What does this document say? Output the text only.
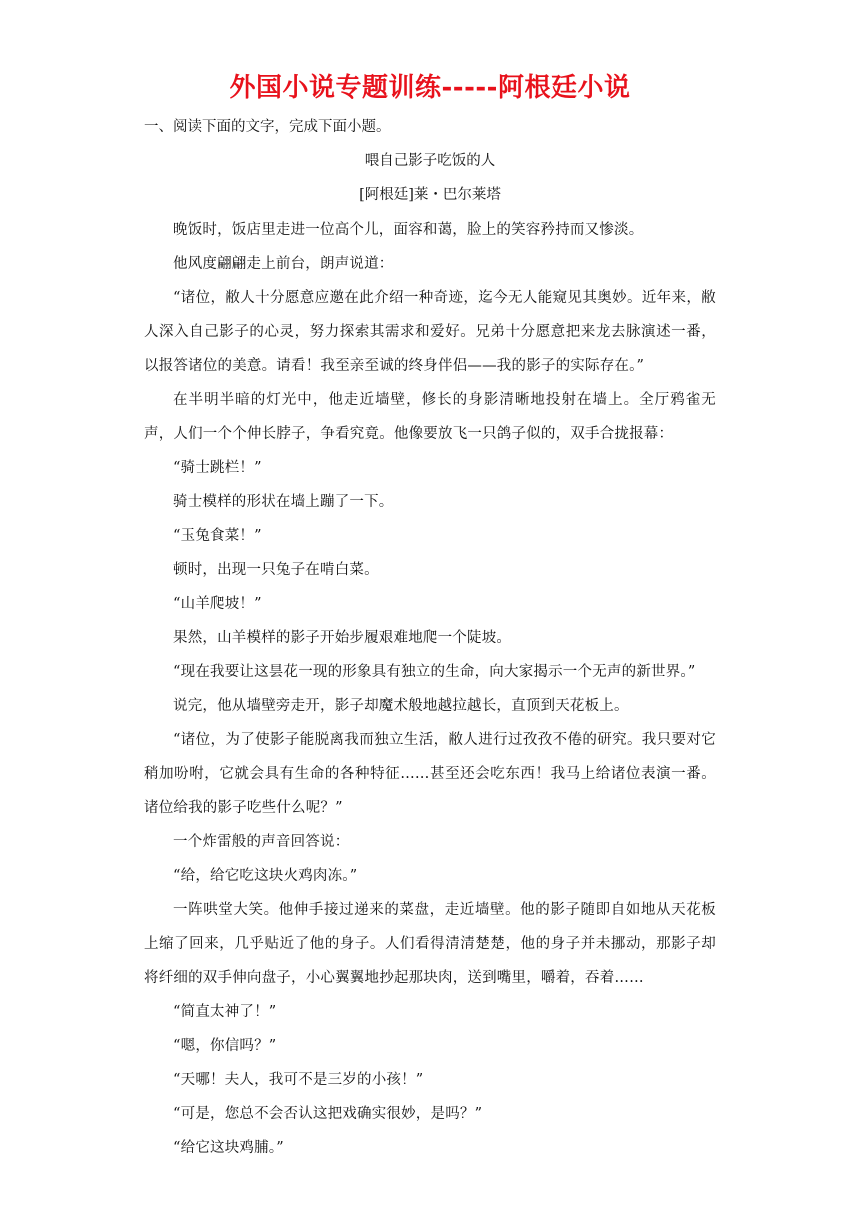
外国小说专题训练-----阿根廷小说
一、阅读下面的文字，完成下面小题。
喂自己影子吃饭的人
[阿根廷]莱・巴尔莱塔

晚饭时，饭店里走进一位高个儿，面容和蔼，脸上的笑容矜持而又惨淡。

他风度翩翩走上前台，朗声说道：

“诸位，敝人十分愿意应邀在此介绍一种奇迹，迄今无人能窥见其奥妙。近年来，敝人深入自己影子的心灵，努力探索其需求和爱好。兄弟十分愿意把来龙去脉演述一番，以报答诸位的美意。请看！我至亲至诚的终身伴侣——我的影子的实际存在。”

在半明半暗的灯光中，他走近墙壁，修长的身影清晰地投射在墙上。全厅鸦雀无声，人们一个个伸长脖子，争看究竟。他像要放飞一只鸽子似的，双手合拢报幕：

“骑士跳栏！”

骑士模样的形状在墙上蹦了一下。

“玉兔食菜！”

顿时，出现一只兔子在啃白菜。

“山羊爬坡！”

果然，山羊模样的影子开始步履艰难地爬一个陡坡。

“现在我要让这昙花一现的形象具有独立的生命，向大家揭示一个无声的新世界。”

说完，他从墙壁旁走开，影子却魔术般地越拉越长，直顶到天花板上。

“诸位，为了使影子能脱离我而独立生活，敝人进行过孜孜不倦的研究。我只要对它稍加吩咐，它就会具有生命的各种特征……甚至还会吃东西！我马上给诸位表演一番。诸位给我的影子吃些什么呢？”

一个炸雷般的声音回答说：

“给，给它吃这块火鸡肉冻。”

一阵哄堂大笑。他伸手接过递来的菜盘，走近墙壁。他的影子随即自如地从天花板上缩了回来，几乎贴近了他的身子。人们看得清清楚楚，他的身子并未挪动，那影子却将纤细的双手伸向盘子，小心翼翼地抄起那块肉，送到嘴里，嚼着，吞着……

“简直太神了！”

“嗯，你信吗？”

“天哪！夫人，我可不是三岁的小孩！”

“可是，您总不会否认这把戏确实很妙，是吗？”

“给它这块鸡脯。”
